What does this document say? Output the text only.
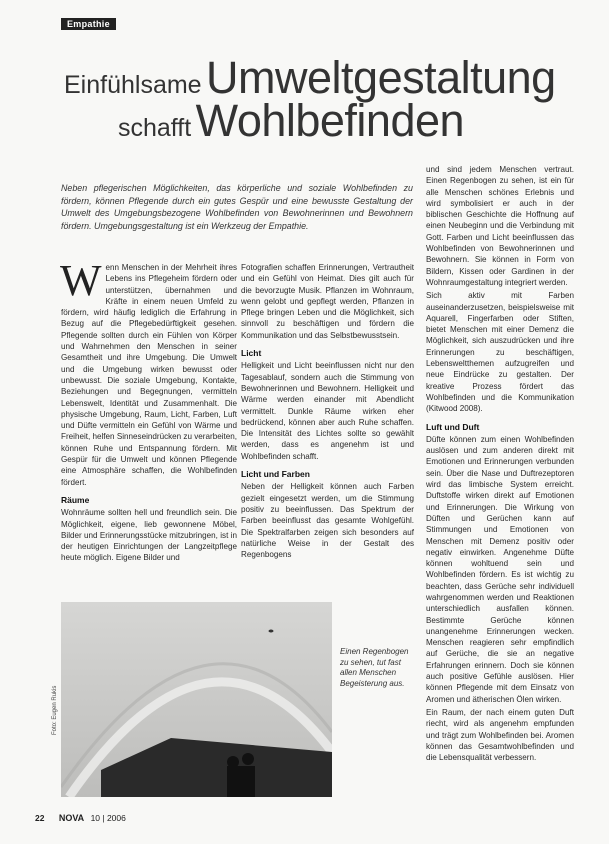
Empathie
Einfühlsame Umweltgestaltung
schafft Wohlbefinden
Neben pflegerischen Möglichkeiten, das körperliche und soziale Wohlbefinden zu fördern, können Pflegende durch ein gutes Gespür und eine bewusste Gestaltung der Umwelt des Umgebungsbezogene Wohlbefinden von Bewohnerinnen und Bewohnern fördern. Umgebungsgestaltung ist ein Werkzeug der Empathie.

Wenn Menschen in der Mehrheit ihres Lebens ins Pflegeheim fördern oder unterstützen, übernahmen und Kräfte in einem neuen Umfeld zu fördern, wird häufig lediglich die Erfahrung in Bezug auf die Pflegebedürftigkeit gesehen. Pflegende sollten durch ein Fühlen von Körper und Wahrnehmen den Menschen in seiner Gesamtheit und ihre Umgebung. Die Umwelt und die Umgebung wirken bewusst oder unbewusst. Die soziale Umgebung, Kontakte, Beziehungen und Begegnungen, vermitteln Lebenswelt, Identität und Zusammenhalt. Die physische Umgebung, Raum, Licht, Farben, Luft und Düfte vermitteln ein Gefühl von Wärme und Freiheit, helfen Sinneseindrücken zu verarbeiten, können Ruhe und Entspannung fördern. Mit Gespür für die Umwelt und können Pflegende eine Atmosphäre schaffen, die Wohlbefinden fördert.

Räume

Wohnräume sollten hell und freundlich sein. Die Möglichkeit, eigene, lieb gewonnene Möbel, Bilder und Erinnerungsstücke mitzubringen, ist in der heutigen Einrichtungen der Langzeitpflege heute möglich. Eigene Bilder und

Fotografien schaffen Erinnerungen, Vertrautheit und ein Gefühl von Heimat. Dies gilt auch für die bevorzugte Musik. Pflanzen im Wohnraum, wenn gelobt und gepflegt werden, Pflanzen in Pflege bringen Leben und die Möglichkeit, sich sinnvoll zu beschäftigen und fördern die Kommunikation und das Selbstbewusstsein.

Licht

Helligkeit und Licht beeinflussen nicht nur den Tagesablauf, sondern auch die Stimmung von Bewohnerinnen und Bewohnern. Helligkeit und Wärme werden einander mit Abendlicht vermittelt. Dunkle Räume wirken eher bedrückend, können aber auch Ruhe schaffen. Die Intensität des Lichtes sollte so gewählt werden, dass es angenehm ist und Wohlbefinden schafft.

Licht und Farben

Neben der Helligkeit können auch Farben gezielt eingesetzt werden, um die Stimmung positiv zu beeinflussen. Das Spektrum der Farben beeinflusst das gesamte Wohlgefühl. Die Spektralfarben zeigen sich besonders auf natürliche Weise in der Gestalt des Regenbogens

und sind jedem Menschen vertraut. Einen Regenbogen zu sehen, ist ein für alle Menschen schönes Erlebnis und wird symbolisiert er auch in der biblischen Geschichte die Hoffnung auf einen Neubeginn und die Verbindung mit Gott. Farben und Licht beeinflussen das Wohlbefinden von Bewohnerinnen und Bewohnern. Sie können in Form von Bildern, Kissen oder Gardinen in der Wohnraumgestaltung integriert werden.

Sich aktiv mit Farben auseinanderzusetzen, beispielsweise mit Aquarell, Fingerfarben oder Stiften, bietet Menschen mit einer Demenz die Möglichkeit, sich auszudrücken und ihre Erinnerungen zu beschäftigen, Lebensweltthemen aufzugreifen und neue Eindrücke zu gestalten. Der kreative Prozess fördert das Wohlbefinden und die Kommunikation (Kitwood 2008).

Luft und Duft

Düfte können zum einen Wohlbefinden auslösen und zum anderen direkt mit Emotionen und Erinnerungen verbunden sein. Über die Nase und Duftrezeptoren wird das limbische System erreicht. Duftstoffe wirken direkt auf Emotionen und Erinnerungen. Die Wirkung von Düften und Gerüchen kann auf Stimmungen und Emotionen von Menschen mit Demenz positiv oder negativ einwirken. Angenehme Düfte können wohltuend sein und Wohlbefinden fördern. Es ist wichtig zu beachten, dass Gerüche sehr individuell wahrgenommen werden und Reaktionen unterschiedlich ausfallen können. Bestimmte Gerüche können unangenehme Erinnerungen wecken. Menschen reagieren sehr empfindlich auf Gerüche, die sie an negative Erfahrungen erinnern. Doch sie können auch positive Gefühle auslösen. Hier können Pflegende mit dem Einsatz von Aromen und ätherischen Ölen wirken.

Ein Raum, der nach einem guten Duft riecht, wird als angenehm empfunden und trägt zum Wohlbefinden bei. Aromen können das Gesamtwohlbefinden und die Lebensqualität verbessern.

Foto: Eugen Rukis
Einen Regenbogen zu sehen, tut fast allen Menschen Begeisterung aus.
22 NOVA 10 | 2006
